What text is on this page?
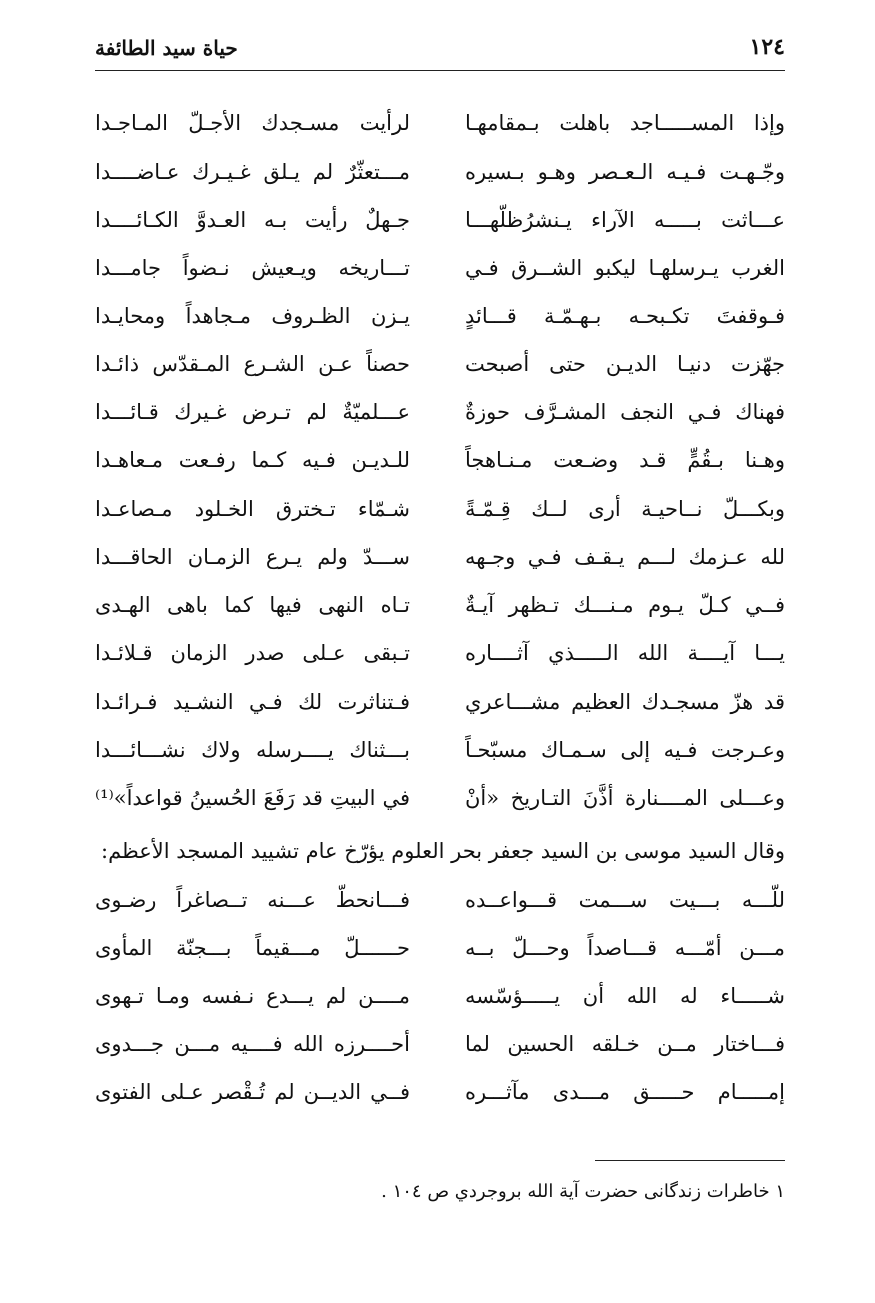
١٢٤
حياة سيد الطائفة
وإذا المســـــاجد باهلت بـمقامهـا
لرأيت مسـجدك الأجـلّ المـاجـدا
وجّـهـت فـيـه الـعـصر وهـو بـسيره
مـــتعثّرٌ لم يـلق غـيـرك عـاضــــدا
عـــاثت بـــــه الآراء يـنشرُظلّهـــا
جـهلٌ رأيت بـه العـدوَّ الكـائــــدا
الغرب يـرسلهـا ليكبو الشــرق فـي
تـــاريخه ويـعيش نـضواً جامـــدا
فـوقفتَ تكـبحـه بـهـمّـة قـــائدٍ
يـزن الظـروف مـجاهداً ومحايـدا
جهّزت دنيـا الديـن حتى أصبحت
حصناً عـن الشـرع المـقدّس ذائـدا
فهناك فـي النجف المشـرَّف حوزةٌ
عـــلميّةٌ لم تـرض غـيرك قـائـــدا
وهـنا بـقُمٍّ قـد وضـعت مـنـاهجاً
للـديـن فـيه كـما رفـعت مـعاهـدا
وبكـــلّ نــاحيـة أرى لــك قِـمّـةً
شـمّاء تـخترق الخـلود مـصاعـدا
لله عـزمك لـــم يـقـف فـي وجـهه
ســـدّ ولم يـرع الزمـان الحاقـــدا
فــي كـلّ يـوم مـنـــك تـظهر آيـةٌ
تـاه النهى فيها كما باهى الهـدى
يـــا آيــــة الله الـــــذي آثــــاره
تـبقى عـلى صدر الزمان قـلائـدا
قد هزّ مسجـدك العظيم مشـــاعري
فـتناثرت لك فـي النشـيد فـرائـدا
وعـرجت فـيه إلى سـمـاك مسبّحـاً
بـــثناك يــــرسله ولاك نشـــائـــدا
وعـــلى المــــنارة أذَّنَ التـاريخ «أنْ
في البيتِ قد رَفَعَ الحُسينُ قواعداً»⁽¹⁾
وقال السيد موسى بن السيد جعفر بحر العلوم يؤرّخ عام تشييد المسجد الأعظم:
للّـــه بـــيت ســـمت قـــواعــده
فـــانحطّ عـــنه تــصاغراً رضـوى
مـــن أمّـــه قـــاصداً وحـــلّ بــه
حــــــلّ مـــقيماً بـــجنّة المأوى
شـــــاء له الله أن يـــــؤسّسه
مــــن لم يـــدع نـفسه ومـا تـهوى
فـــاختار مــن خـلقه الحسين لما
أحــــرزه الله فــــيه مـــن جـــدوى
إمـــــام حـــــق مـــدى مآثـــره
فــي الديــن لم تُـقْصر عـلى الفتوى
١ خاطرات زندگانى حضرت آية الله بروجردي ص ١٠٤ .
